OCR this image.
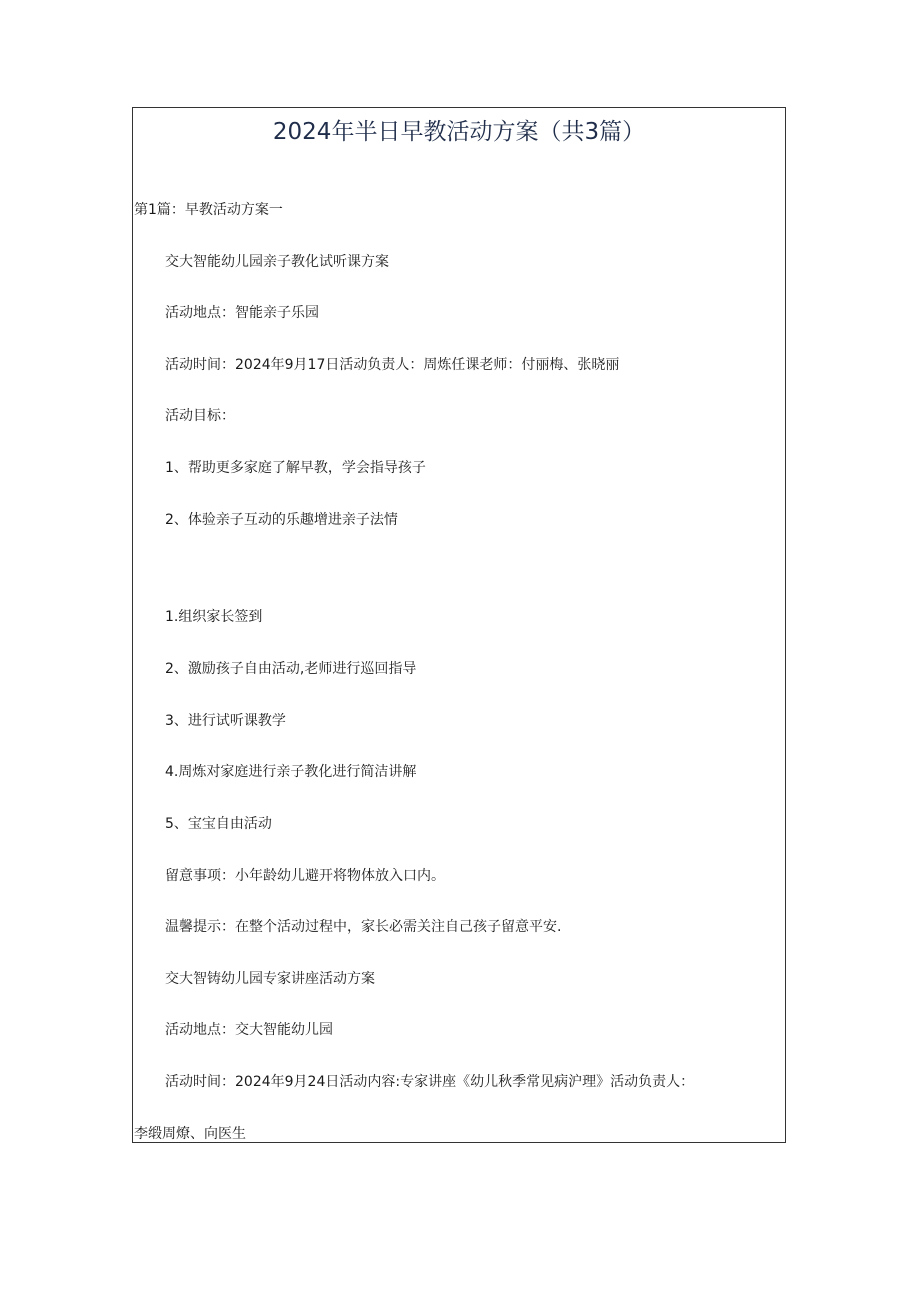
2024年半日早教活动方案（共3篇）

第1篇：早教活动方案一

交大智能幼儿园亲子教化试听课方案

活动地点：智能亲子乐园

活动时间：2024年9月17日活动负责人：周炼任课老师：付丽梅、张晓丽

活动目标：

1、帮助更多家庭了解早教，学会指导孩子

2、体验亲子互动的乐趣增进亲子法情

1.组织家长签到

2、激励孩子自由活动,老师进行巡回指导

3、进行试听课教学

4.周炼对家庭进行亲子教化进行简洁讲解

5、宝宝自由活动

留意事项：小年龄幼儿避开将物体放入口内。

温馨提示：在整个活动过程中，家长必需关注自己孩子留意平安.

交大智铸幼儿园专家讲座活动方案

活动地点：交大智能幼儿园

活动时间：2024年9月24日活动内容:专家讲座《幼儿秋季常见病沪理》活动负责人：

李缎周燎、向医生
